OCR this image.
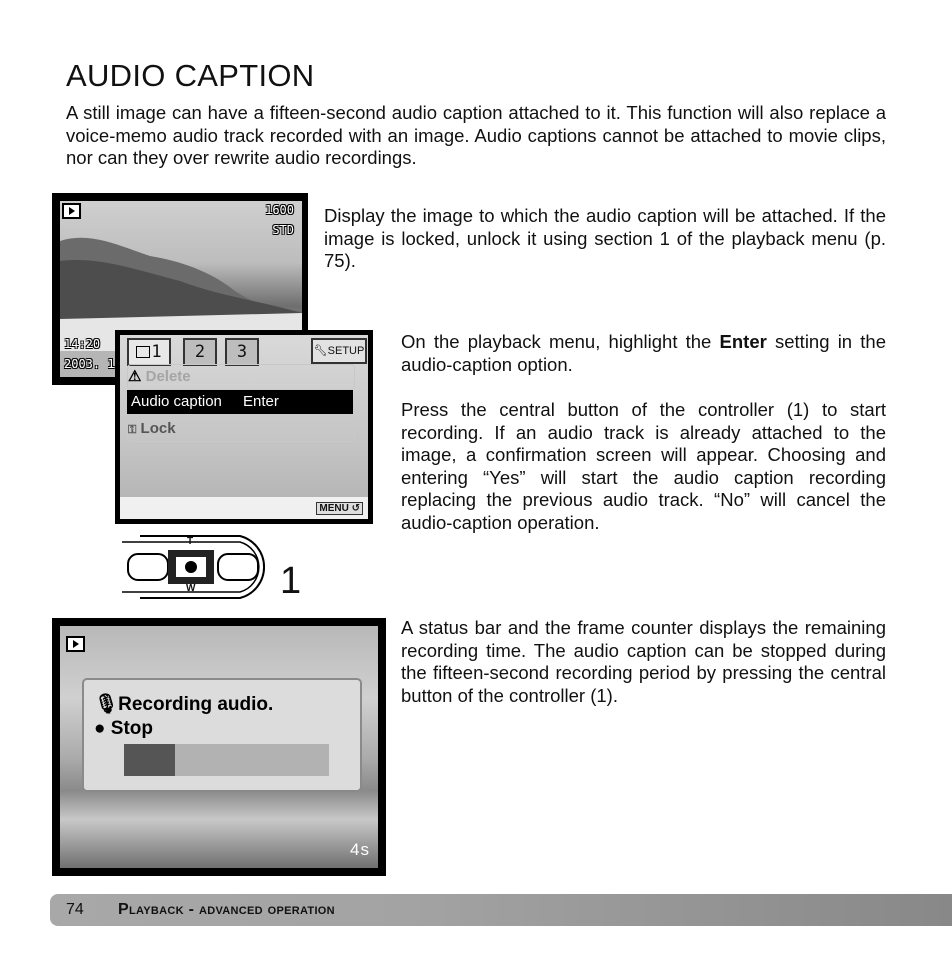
AUDIO CAPTION

A still image can have a fifteen-second audio caption attached to it. This function will also replace a voice-memo audio track recorded with an image. Audio captions cannot be attached to movie clips, nor can they over rewrite audio recordings.

1600
STD
14:20
2003. 1

Display the image to which the audio caption will be attached. If the image is locked, unlock it using section 1 of the playback menu (p. 75).

1	2	3	🔧︎SETUP
⚠ Delete
Audio caption Enter
⚿ Lock
MENU ↺

On the playback menu, highlight the Enter setting in the audio-caption option.

Press the central button of the controller (1) to start recording. If an audio track is already attached to the image, a confirmation screen will appear. Choosing and entering “Yes” will start the audio caption recording replacing the previous audio track. “No” will cancel the audio-caption operation.

T
W 1
🎙︎Recording audio.
● Stop
4s

A status bar and the frame counter displays the remaining recording time. The audio caption can be stopped during the fifteen-second recording period by pressing the central button of the controller (1).

74 Playback - advanced operation
